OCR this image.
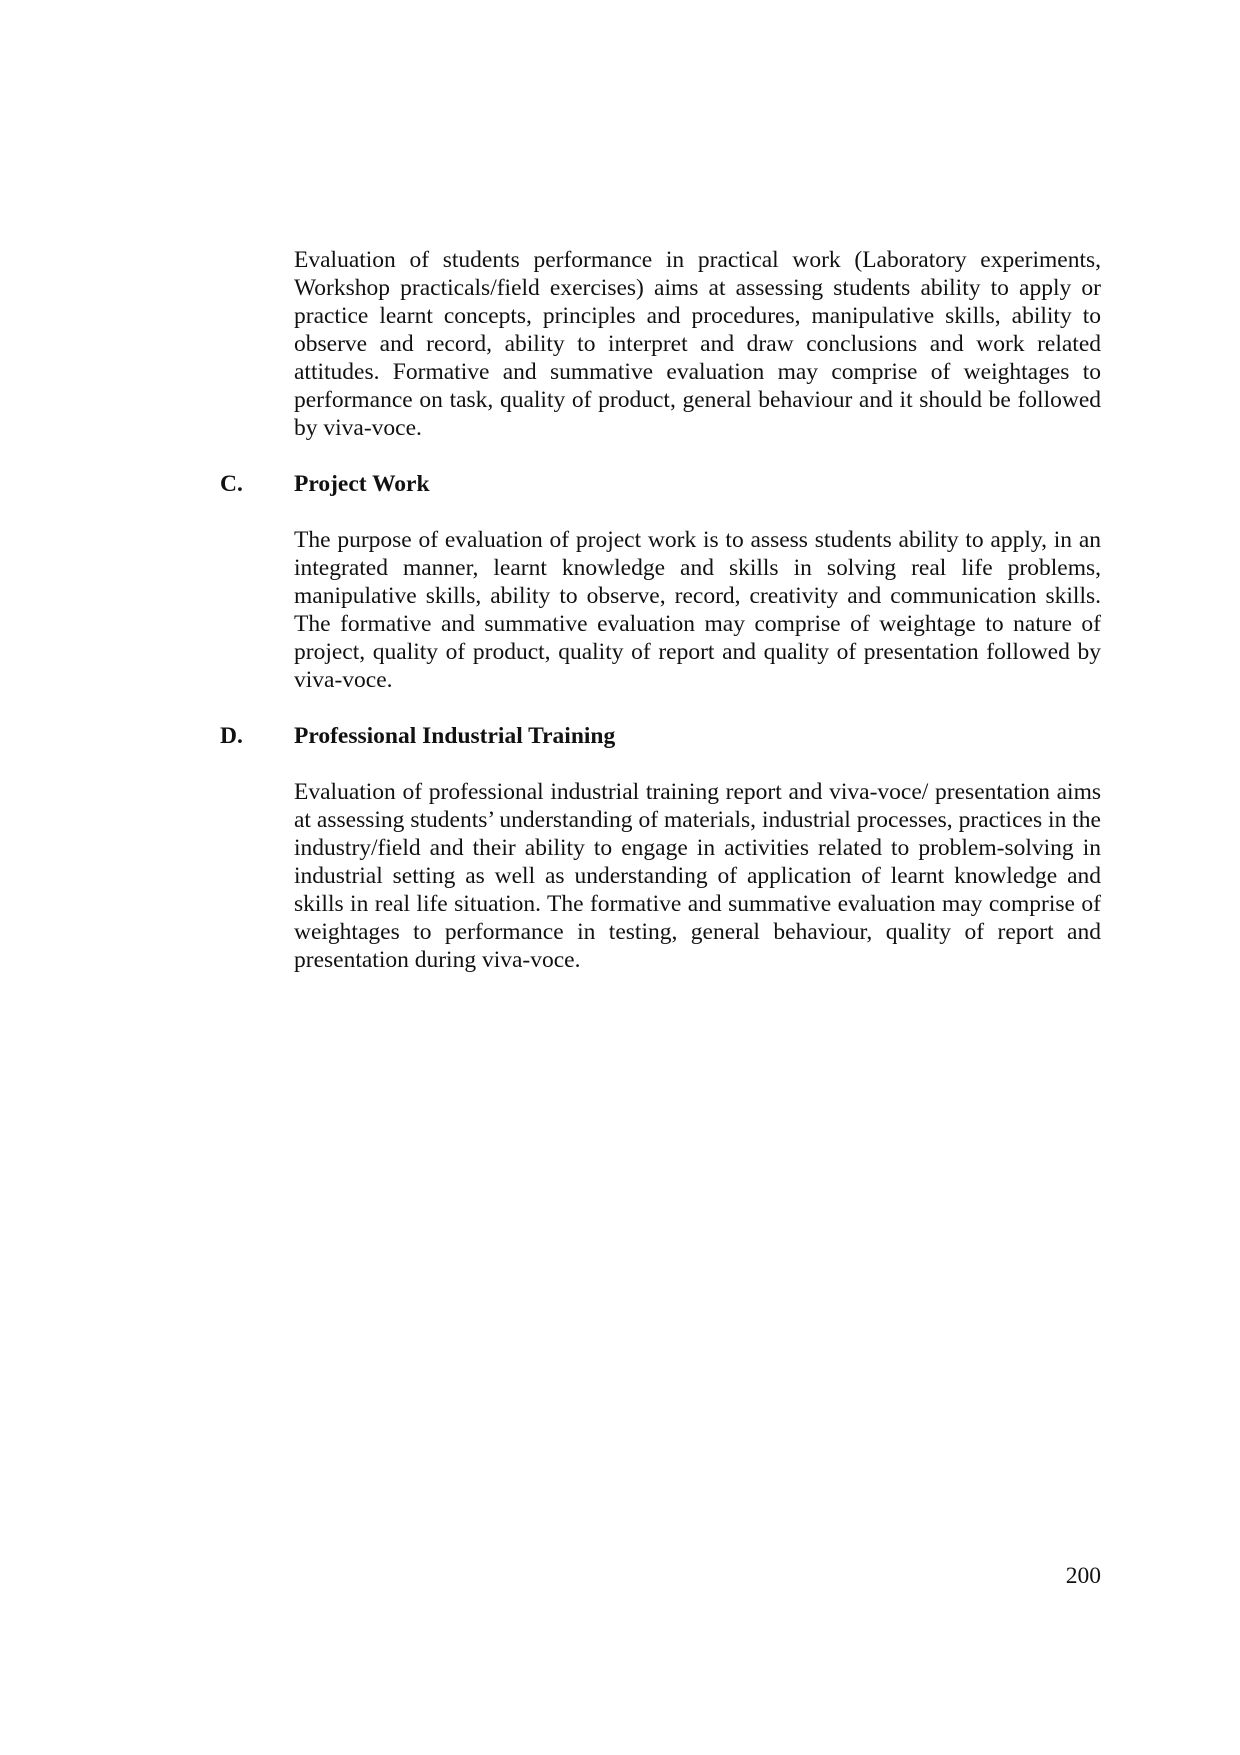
Evaluation of students performance in practical work (Laboratory experiments, Workshop practicals/field exercises) aims at assessing students ability to apply or practice learnt concepts, principles and procedures, manipulative skills, ability to observe and record, ability to interpret and draw conclusions and work related attitudes. Formative and summative evaluation may comprise of weightages to performance on task, quality of product, general behaviour and it should be followed by viva-voce.

C. Project Work

The purpose of evaluation of project work is to assess students ability to apply, in an integrated manner, learnt knowledge and skills in solving real life problems, manipulative skills, ability to observe, record, creativity and communication skills. The formative and summative evaluation may comprise of weightage to nature of project, quality of product, quality of report and quality of presentation followed by viva-voce.

D. Professional Industrial Training

Evaluation of professional industrial training report and viva-voce/ presentation aims at assessing students’ understanding of materials, industrial processes, practices in the industry/field and their ability to engage in activities related to problem-solving in industrial setting as well as understanding of application of learnt knowledge and skills in real life situation. The formative and summative evaluation may comprise of weightages to performance in testing, general behaviour, quality of report and presentation during viva-voce.

200
